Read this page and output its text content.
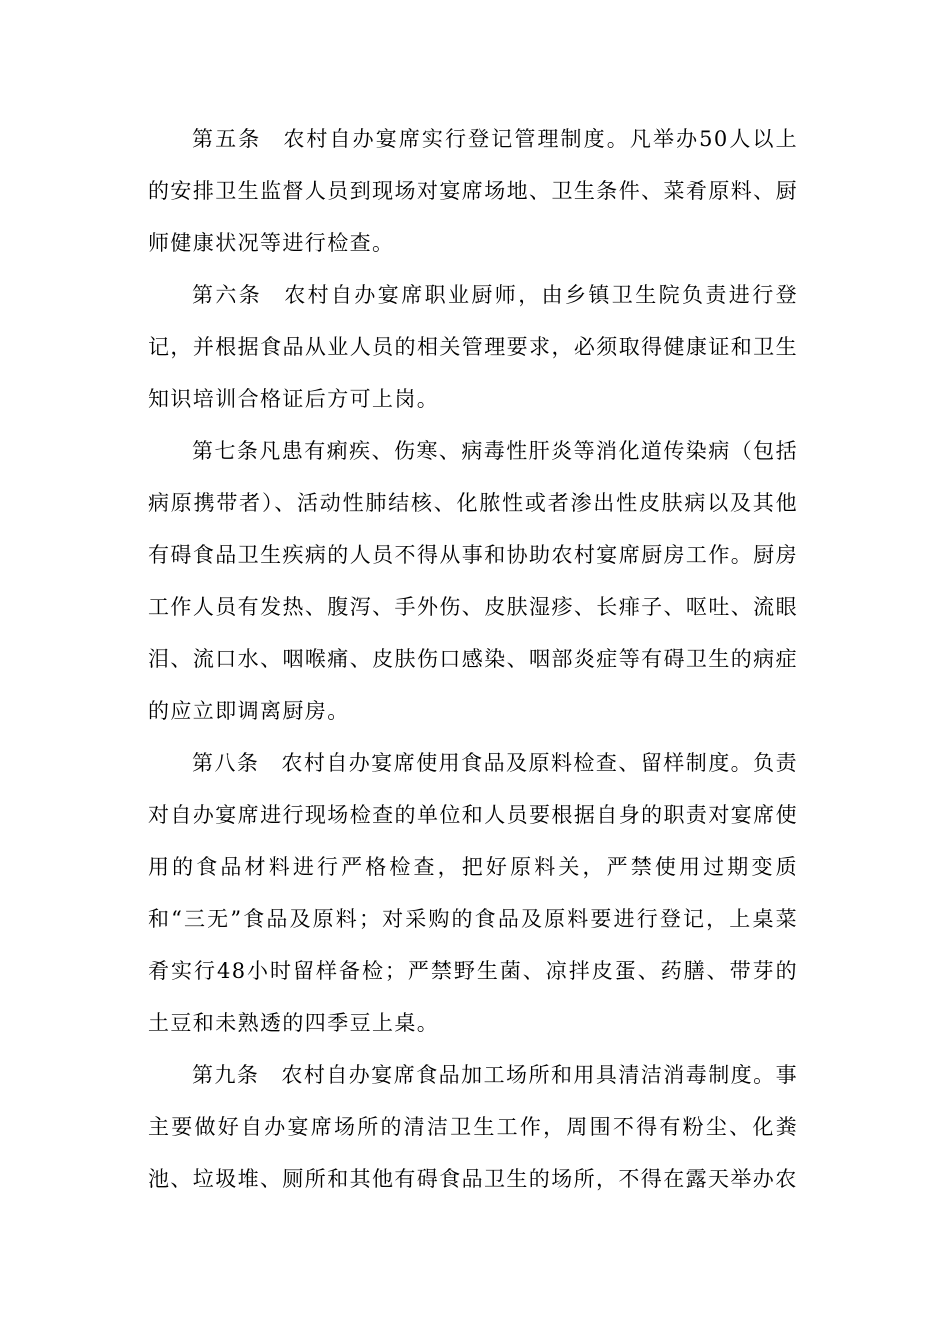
第五条 农村自办宴席实行登记管理制度。凡举办50人以上的安排卫生监督人员到现场对宴席场地、卫生条件、菜肴原料、厨师健康状况等进行检查。

第六条 农村自办宴席职业厨师，由乡镇卫生院负责进行登记，并根据食品从业人员的相关管理要求，必须取得健康证和卫生知识培训合格证后方可上岗。

第七条凡患有痢疾、伤寒、病毒性肝炎等消化道传染病（包括病原携带者）、活动性肺结核、化脓性或者渗出性皮肤病以及其他有碍食品卫生疾病的人员不得从事和协助农村宴席厨房工作。厨房工作人员有发热、腹泻、手外伤、皮肤湿疹、长痱子、呕吐、流眼泪、流口水、咽喉痛、皮肤伤口感染、咽部炎症等有碍卫生的病症的应立即调离厨房。

第八条 农村自办宴席使用食品及原料检查、留样制度。负责对自办宴席进行现场检查的单位和人员要根据自身的职责对宴席使用的食品材料进行严格检查，把好原料关，严禁使用过期变质和“三无”食品及原料；对采购的食品及原料要进行登记，上桌菜肴实行48小时留样备检；严禁野生菌、凉拌皮蛋、药膳、带芽的土豆和未熟透的四季豆上桌。

第九条 农村自办宴席食品加工场所和用具清洁消毒制度。事主要做好自办宴席场所的清洁卫生工作，周围不得有粉尘、化粪池、垃圾堆、厕所和其他有碍食品卫生的场所，不得在露天举办农
